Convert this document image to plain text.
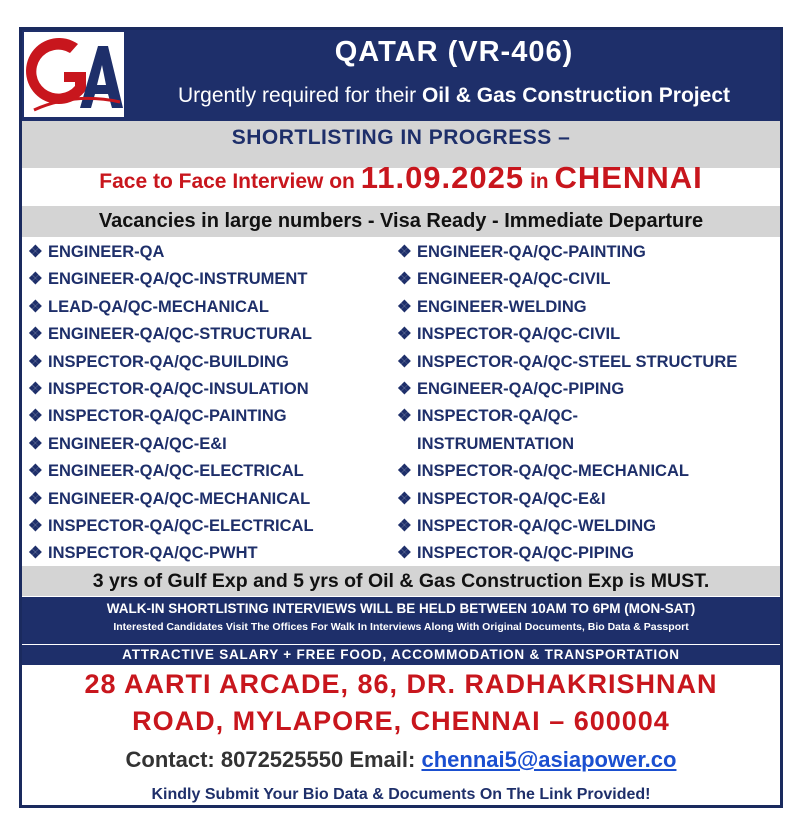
QATAR (VR-406)
Urgently required for their Oil & Gas Construction Project
SHORTLISTING IN PROGRESS –
Face to Face Interview on 11.09.2025 in CHENNAI
Vacancies in large numbers - Visa Ready - Immediate Departure
❖ ENGINEER-QA
❖ ENGINEER-QA/QC-INSTRUMENT
❖ LEAD-QA/QC-MECHANICAL
❖ ENGINEER-QA/QC-STRUCTURAL
❖ INSPECTOR-QA/QC-BUILDING
❖ INSPECTOR-QA/QC-INSULATION
❖ INSPECTOR-QA/QC-PAINTING
❖ ENGINEER-QA/QC-E&I
❖ ENGINEER-QA/QC-ELECTRICAL
❖ ENGINEER-QA/QC-MECHANICAL
❖ INSPECTOR-QA/QC-ELECTRICAL
❖ INSPECTOR-QA/QC-PWHT
❖ ENGINEER-QA/QC-PAINTING
❖ ENGINEER-QA/QC-CIVIL
❖ ENGINEER-WELDING
❖ INSPECTOR-QA/QC-CIVIL
❖ INSPECTOR-QA/QC-STEEL STRUCTURE
❖ ENGINEER-QA/QC-PIPING
❖ INSPECTOR-QA/QC-
INSTRUMENTATION
❖ INSPECTOR-QA/QC-MECHANICAL
❖ INSPECTOR-QA/QC-E&I
❖ INSPECTOR-QA/QC-WELDING
❖ INSPECTOR-QA/QC-PIPING
3 yrs of Gulf Exp and 5 yrs of Oil & Gas Construction Exp is MUST.
WALK-IN SHORTLISTING INTERVIEWS WILL BE HELD BETWEEN 10AM TO 6PM (MON-SAT)
Interested Candidates Visit The Offices For Walk In Interviews Along With Original Documents, Bio Data & Passport
ATTRACTIVE SALARY + FREE FOOD, ACCOMMODATION & TRANSPORTATION
28 AARTI ARCADE, 86, DR. RADHAKRISHNAN
ROAD, MYLAPORE, CHENNAI – 600004
Contact: 8072525550 Email: chennai5@asiapower.co
Kindly Submit Your Bio Data & Documents On The Link Provided!
